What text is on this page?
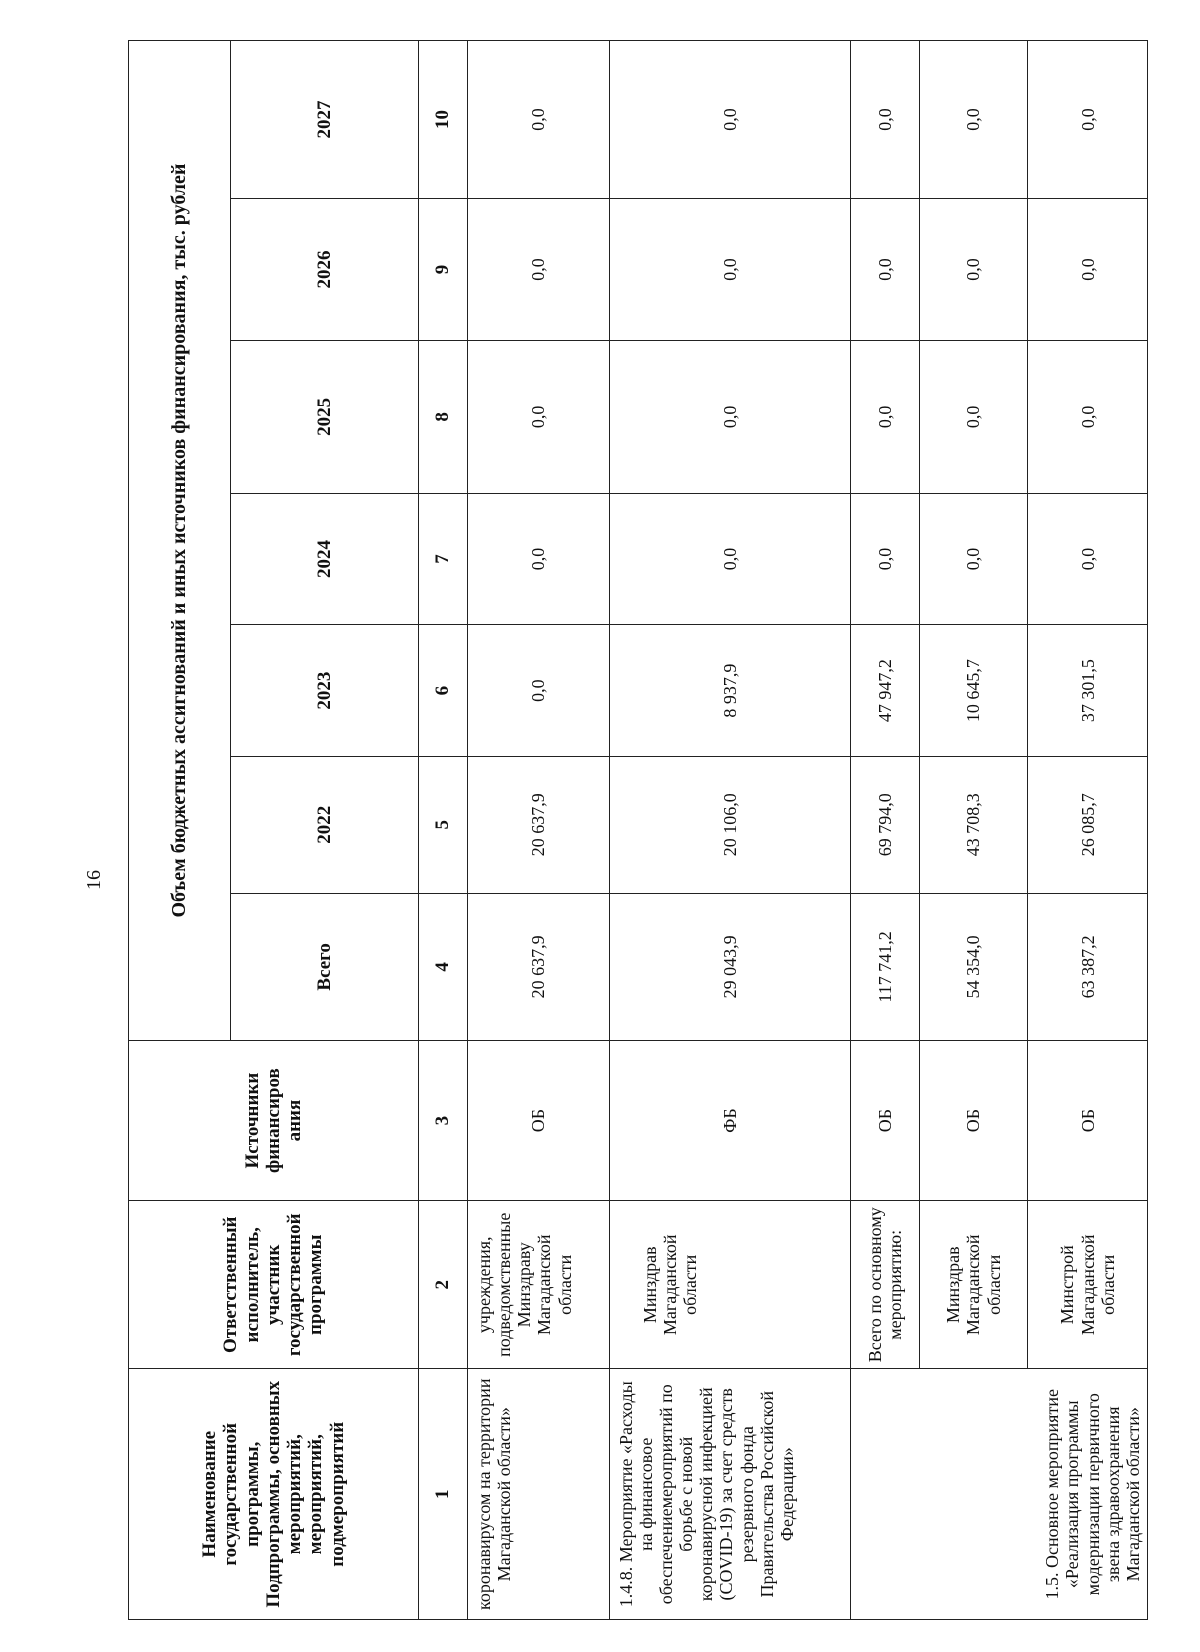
16
Наименование государственной программы, Подпрограммы, основных мероприятий, мероприятий, подмероприятий	Ответственный исполнитель, участник государственной программы	Источники финансиров ания	Объем бюджетных ассигнований и иных источников финансирования, тыс. рублей						
			Всего	2022	2023	2024	2025	2026	2027
1	2	3	4	5	6	7	8	9	10
коронавирусом на территории Магаданской области»	учреждения, подведомственные Минздраву Магаданской области	ОБ	20 637,9	20 637,9	0,0	0,0	0,0	0,0	0,0
1.4.8. Мероприятие «Расходы на финансовое обеспечениемероприятий по борьбе с новой коронавирусной инфекцией (COVID-19) за счет средств резервного фонда Правительства Российской Федерации»	Минздрав Магаданской области	ФБ	29 043,9	20 106,0	8 937,9	0,0	0,0	0,0	0,0
1.5. Основное мероприятие «Реализация программы модернизации первичного звена здравоохранения Магаданской области»	Всего по основному мероприятию:	ОБ	117 741,2	69 794,0	47 947,2	0,0	0,0	0,0	0,0
	Минздрав Магаданской области	ОБ	54 354,0	43 708,3	10 645,7	0,0	0,0	0,0	0,0
	Минстрой Магаданской области	ОБ	63 387,2	26 085,7	37 301,5	0,0	0,0	0,0	0,0
